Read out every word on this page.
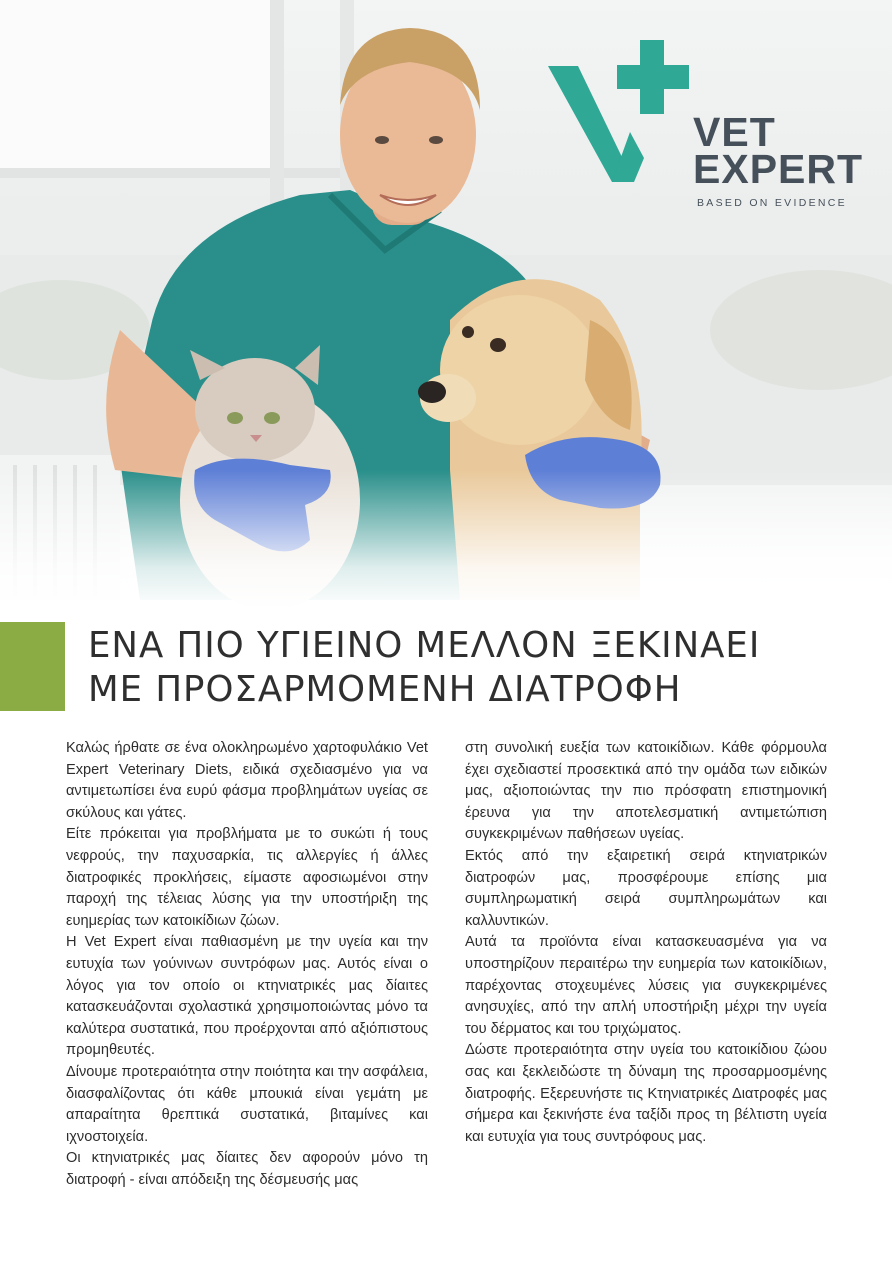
VET
EXPERT
BASED ON EVIDENCE
ΕΝΑ ΠΙΟ ΥΓΙΕΙΝΟ ΜΕΛΛΟΝ ΞΕΚΙΝΑΕΙ
ΜΕ ΠΡΟΣΑΡΜΟΜΕΝΗ ΔΙΑΤΡΟΦΗ

Καλώς ήρθατε σε ένα ολοκληρωμένο χαρτοφυλάκιο Vet Expert Veterinary Diets, ειδικά σχεδιασμένο για να αντιμετωπίσει ένα ευρύ φάσμα προβλημάτων υγείας σε σκύλους και γάτες.

Είτε πρόκειται για προβλήματα με το συκώτι ή τους νεφρούς, την παχυσαρκία, τις αλλεργίες ή άλλες διατροφικές προκλήσεις, είμαστε αφοσιωμένοι στην παροχή της τέλειας λύσης για την υποστήριξη της ευημερίας των κατοικίδιων ζώων.

Η Vet Expert είναι παθιασμένη με την υγεία και την ευτυχία των γούνινων συντρόφων μας. Αυτός είναι ο λόγος για τον οποίο οι κτηνιατρικές μας δίαιτες κατασκευάζονται σχολαστικά χρησιμοποιώντας μόνο τα καλύτερα συστατικά, που προέρχονται από αξιόπιστους προμηθευτές.

Δίνουμε προτεραιότητα στην ποιότητα και την ασφάλεια, διασφαλίζοντας ότι κάθε μπουκιά είναι γεμάτη με απαραίτητα θρεπτικά συστατικά, βιταμίνες και ιχνοστοιχεία.

Οι κτηνιατρικές μας δίαιτες δεν αφορούν μόνο τη διατροφή - είναι απόδειξη της δέσμευσής μας

στη συνολική ευεξία των κατοικίδιων. Κάθε φόρμουλα έχει σχεδιαστεί προσεκτικά από την ομάδα των ειδικών μας, αξιοποιώντας την πιο πρόσφατη επιστημονική έρευνα για την αποτελεσματική αντιμετώπιση συγκεκριμένων παθήσεων υγείας.

Εκτός από την εξαιρετική σειρά κτηνιατρικών διατροφών μας, προσφέρουμε επίσης μια συμπληρωματική σειρά συμπληρωμάτων και καλλυντικών.

Αυτά τα προϊόντα είναι κατασκευασμένα για να υποστηρίζουν περαιτέρω την ευημερία των κατοικίδιων, παρέχοντας στοχευμένες λύσεις για συγκεκριμένες ανησυχίες, από την απλή υποστήριξη μέχρι την υγεία του δέρματος και του τριχώματος.

Δώστε προτεραιότητα στην υγεία του κατοικίδιου ζώου σας και ξεκλειδώστε τη δύναμη της προσαρμοσμένης διατροφής. Εξερευνήστε τις Κτηνιατρικές Διατροφές μας σήμερα και ξεκινήστε ένα ταξίδι προς τη βέλτιστη υγεία και ευτυχία για τους συντρόφους μας.
